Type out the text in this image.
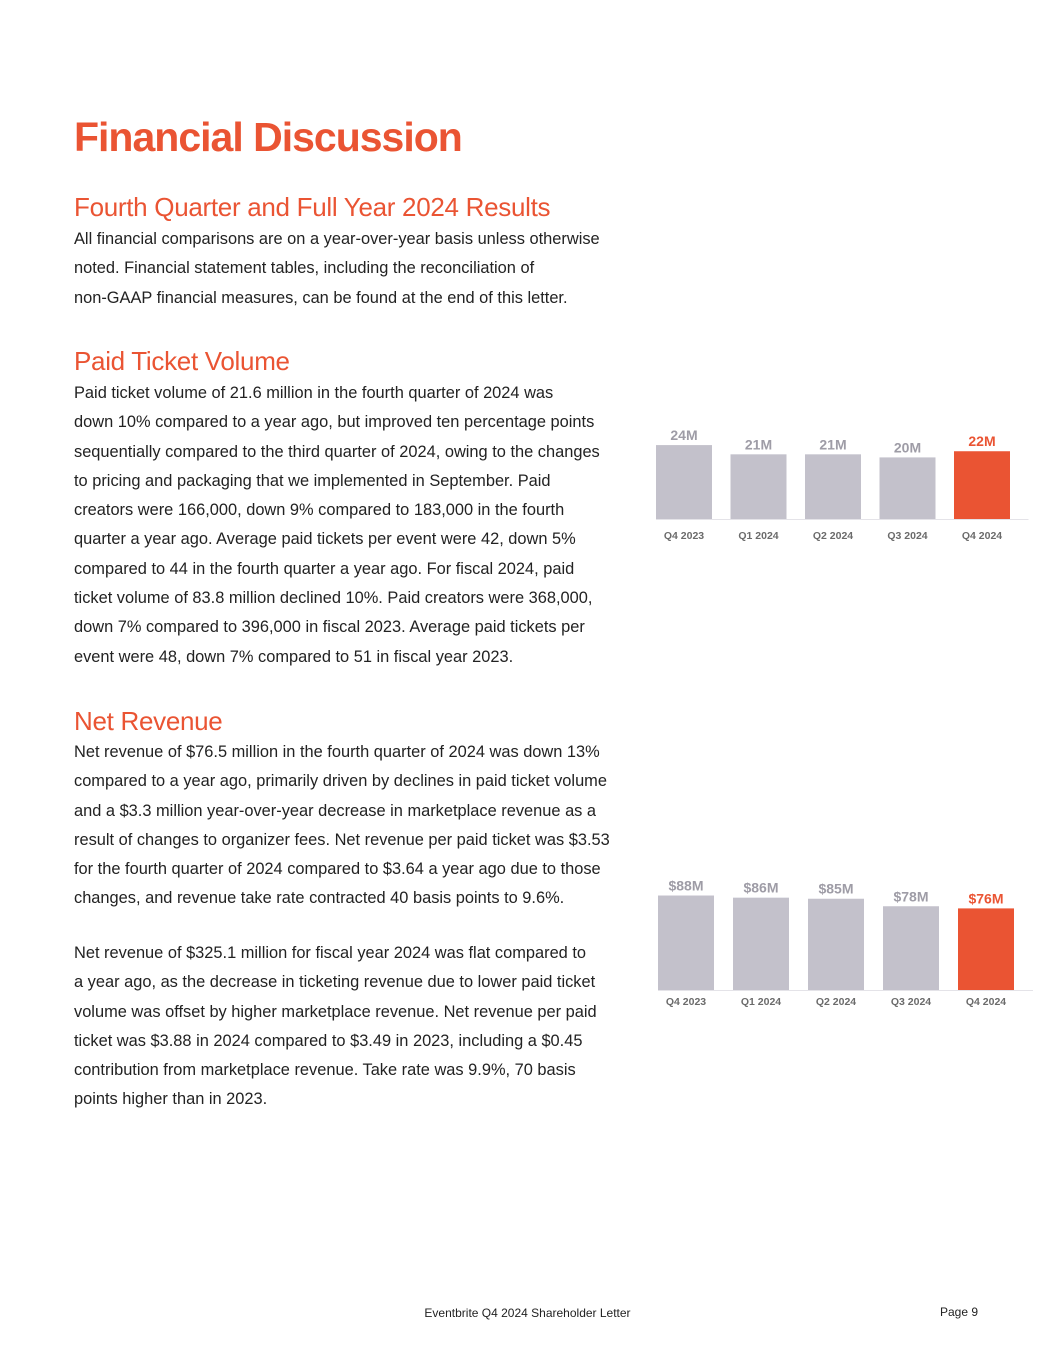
Financial Discussion
Fourth Quarter and Full Year 2024 Results

All financial comparisons are on a year-over-year basis unless otherwise
noted. Financial statement tables, including the reconciliation of
non-GAAP financial measures, can be found at the end of this letter.

Paid Ticket Volume

Paid ticket volume of 21.6 million in the fourth quarter of 2024 was
down 10% compared to a year ago, but improved ten percentage points
sequentially compared to the third quarter of 2024, owing to the changes
to pricing and packaging that we implemented in September. Paid
creators were 166,000, down 9% compared to 183,000 in the fourth
quarter a year ago. Average paid tickets per event were 42, down 5%
compared to 44 in the fourth quarter a year ago. For fiscal 2024, paid
ticket volume of 83.8 million declined 10%. Paid creators were 368,000,
down 7% compared to 396,000 in fiscal 2023. Average paid tickets per
event were 48, down 7% compared to 51 in fiscal year 2023.

Net Revenue

Net revenue of $76.5 million in the fourth quarter of 2024 was down 13%
compared to a year ago, primarily driven by declines in paid ticket volume
and a $3.3 million year-over-year decrease in marketplace revenue as a
result of changes to organizer fees. Net revenue per paid ticket was $3.53
for the fourth quarter of 2024 compared to $3.64 a year ago due to those
changes, and revenue take rate contracted 40 basis points to 9.6%.

Net revenue of $325.1 million for fiscal year 2024 was flat compared to
a year ago, as the decrease in ticketing revenue due to lower paid ticket
volume was offset by higher marketplace revenue. Net revenue per paid
ticket was $3.88 in 2024 compared to $3.49 in 2023, including a $0.45
contribution from marketplace revenue. Take rate was 9.9%, 70 basis
points higher than in 2023.

24M
Q4 2023
21M
Q1 2024
21M
Q2 2024
20M
Q3 2024
22M
Q4 2024
$88M
Q4 2023
$86M
Q1 2024
$85M
Q2 2024
$78M
Q3 2024
$76M
Q4 2024
Eventbrite Q4 2024 Shareholder Letter	Page 9
